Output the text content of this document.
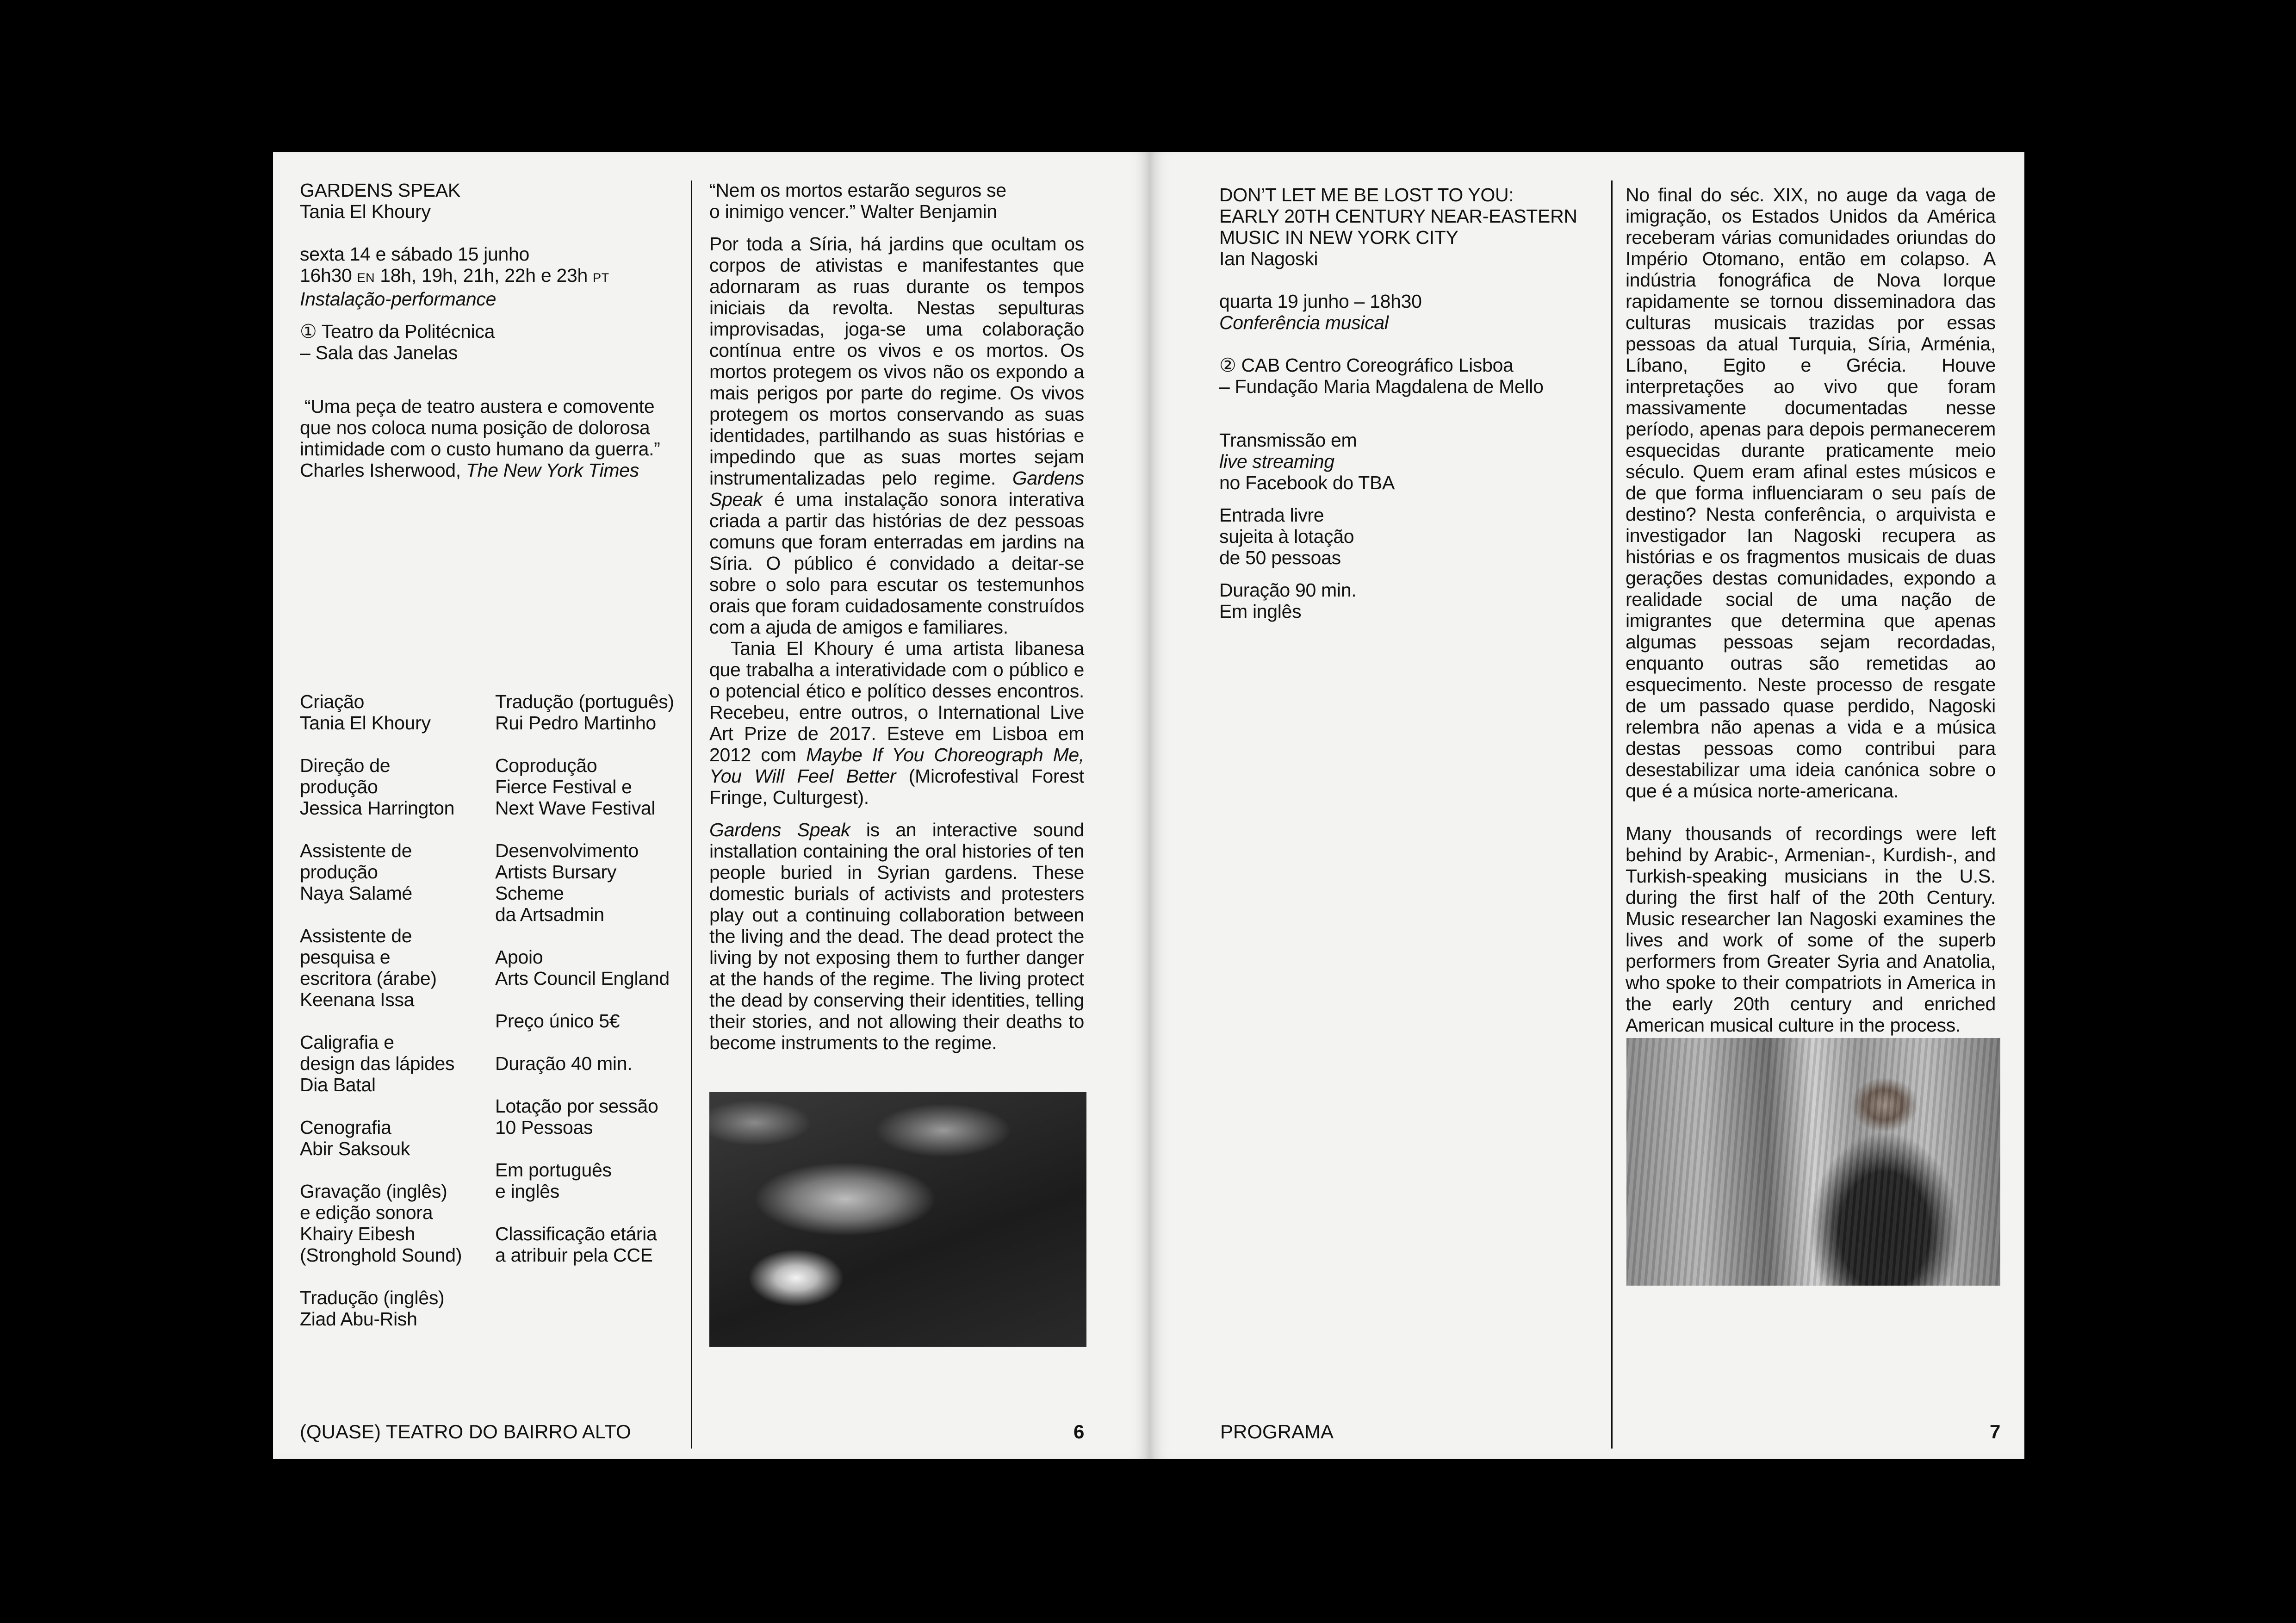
GARDENS SPEAK

Tania El Khoury

sexta 14 e sábado 15 junho

16h30 EN 18h, 19h, 21h, 22h e 23h PT

Instalação-performance

① Teatro da Politécnica

– Sala das Janelas

“Uma peça de teatro austera e comovente

que nos coloca numa posição de dolorosa

intimidade com o custo humano da guerra.”

Charles Isherwood, The New York Times

Criação

Tania El Khoury

Direção de

produção

Jessica Harrington

Assistente de

produção

Naya Salamé

Assistente de

pesquisa e

escritora (árabe)

Keenana Issa

Caligrafia e

design das lápides

Dia Batal

Cenografia

Abir Saksouk

Gravação (inglês)

e edição sonora

Khairy Eibesh

(Stronghold Sound)

Tradução (inglês)

Ziad Abu-Rish

Tradução (português)

Rui Pedro Martinho

Coprodução

Fierce Festival e

Next Wave Festival

Desenvolvimento

Artists Bursary

Scheme

da Artsadmin

Apoio

Arts Council England

Preço único 5€

Duração 40 min.

Lotação por sessão

10 Pessoas

Em português

e inglês

Classificação etária

a atribuir pela CCE

“Nem os mortos estarão seguros se

o inimigo vencer.” Walter Benjamin

Por toda a Síria, há jardins que ocultam os corpos de ativistas e manifestantes que adornaram as ruas durante os tempos iniciais da revolta. Nestas sepulturas improvisadas, joga-se uma colaboração contínua entre os vivos e os mortos. Os mortos protegem os vivos não os expondo a mais perigos por parte do regime. Os vivos protegem os mortos conservando as suas identidades, partilhando as suas histórias e impedindo que as suas mortes sejam instrumentalizadas pelo regime. Gardens Speak é uma instalação sonora interativa criada a partir das histórias de dez pessoas comuns que foram enterradas em jardins na Síria. O público é convidado a deitar-se sobre o solo para escutar os testemunhos orais que foram cuidadosamente construídos com a ajuda de amigos e familiares.

Tania El Khoury é uma artista libanesa que trabalha a interatividade com o público e o potencial ético e político desses encontros. Recebeu, entre outros, o International Live Art Prize de 2017. Esteve em Lisboa em 2012 com Maybe If You Choreograph Me, You Will Feel Better (Microfestival Forest Fringe, Culturgest).

Gardens Speak is an interactive sound installation containing the oral histories of ten people buried in Syrian gardens. These domestic burials of activists and protesters play out a continuing collaboration between the living and the dead. The dead protect the living by not exposing them to further danger at the hands of the regime. The living protect the dead by conserving their identities, telling their stories, and not allowing their deaths to become instruments to the regime.

(QUASE) TEATRO DO BAIRRO ALTO	6

DON’T LET ME BE LOST TO YOU:

EARLY 20TH CENTURY NEAR-EASTERN

MUSIC IN NEW YORK CITY

Ian Nagoski

quarta 19 junho – 18h30

Conferência musical

② CAB Centro Coreográfico Lisboa

– Fundação Maria Magdalena de Mello

Transmissão em

live streaming

no Facebook do TBA

Entrada livre

sujeita à lotação

de 50 pessoas

Duração 90 min.

Em inglês

No final do séc. XIX, no auge da vaga de imigração, os Estados Unidos da América receberam várias comunidades oriundas do Império Otomano, então em colapso. A indústria fonográfica de Nova Iorque rapidamente se tornou disseminadora das culturas musicais trazidas por essas pessoas da atual Turquia, Síria, Arménia, Líbano, Egito e Grécia. Houve interpretações ao vivo que foram massivamente documentadas nesse período, apenas para depois permanecerem esquecidas durante praticamente meio século. Quem eram afinal estes músicos e de que forma influenciaram o seu país de destino? Nesta conferência, o arquivista e investigador Ian Nagoski recupera as histórias e os fragmentos musicais de duas gerações destas comunidades, expondo a realidade social de uma nação de imigrantes que determina que apenas algumas pessoas sejam recordadas, enquanto outras são remetidas ao esquecimento. Neste processo de resgate de um passado quase perdido, Nagoski relembra não apenas a vida e a música destas pessoas como contribui para desestabilizar uma ideia canónica sobre o que é a música norte-americana.

Many thousands of recordings were left behind by Arabic-, Armenian-, Kurdish-, and Turkish-speaking musicians in the U.S. during the first half of the 20th Century. Music researcher Ian Nagoski examines the lives and work of some of the superb performers from Greater Syria and Anatolia, who spoke to their compatriots in America in the early 20th century and enriched American musical culture in the process.

PROGRAMA	7
